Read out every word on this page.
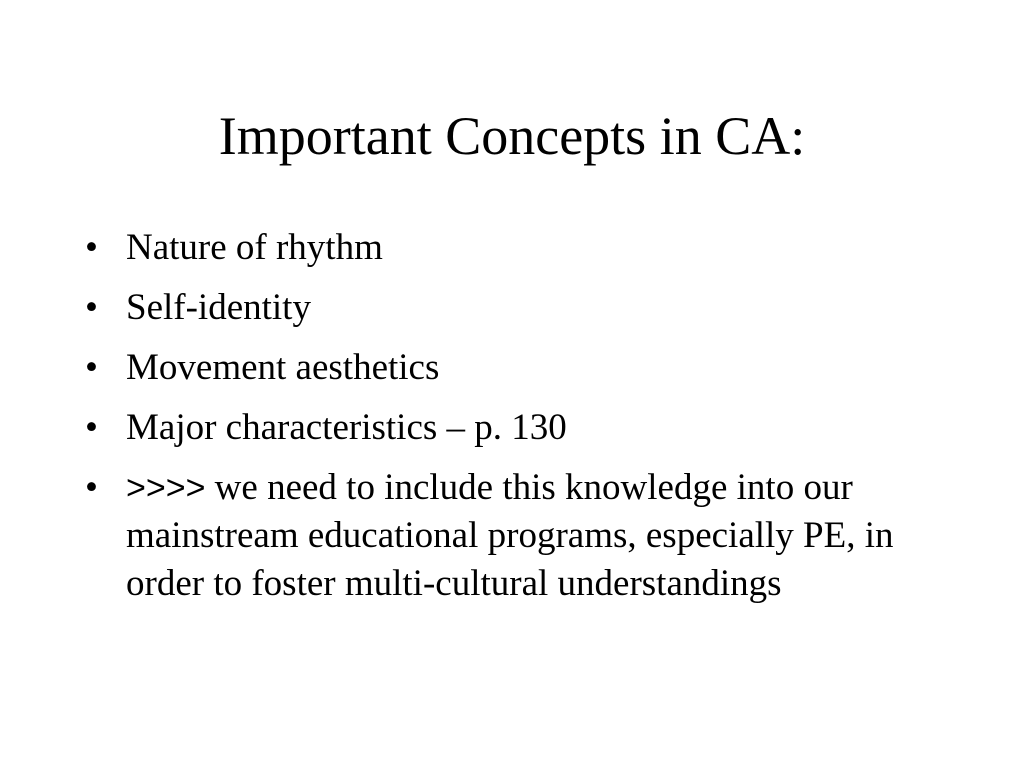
Important Concepts in CA:
• Nature of rhythm
• Self-identity
• Movement aesthetics
• Major characteristics – p. 130
• >>>> we need to include this knowledge into our mainstream educational programs, especially PE, in order to foster multi-cultural understandings
